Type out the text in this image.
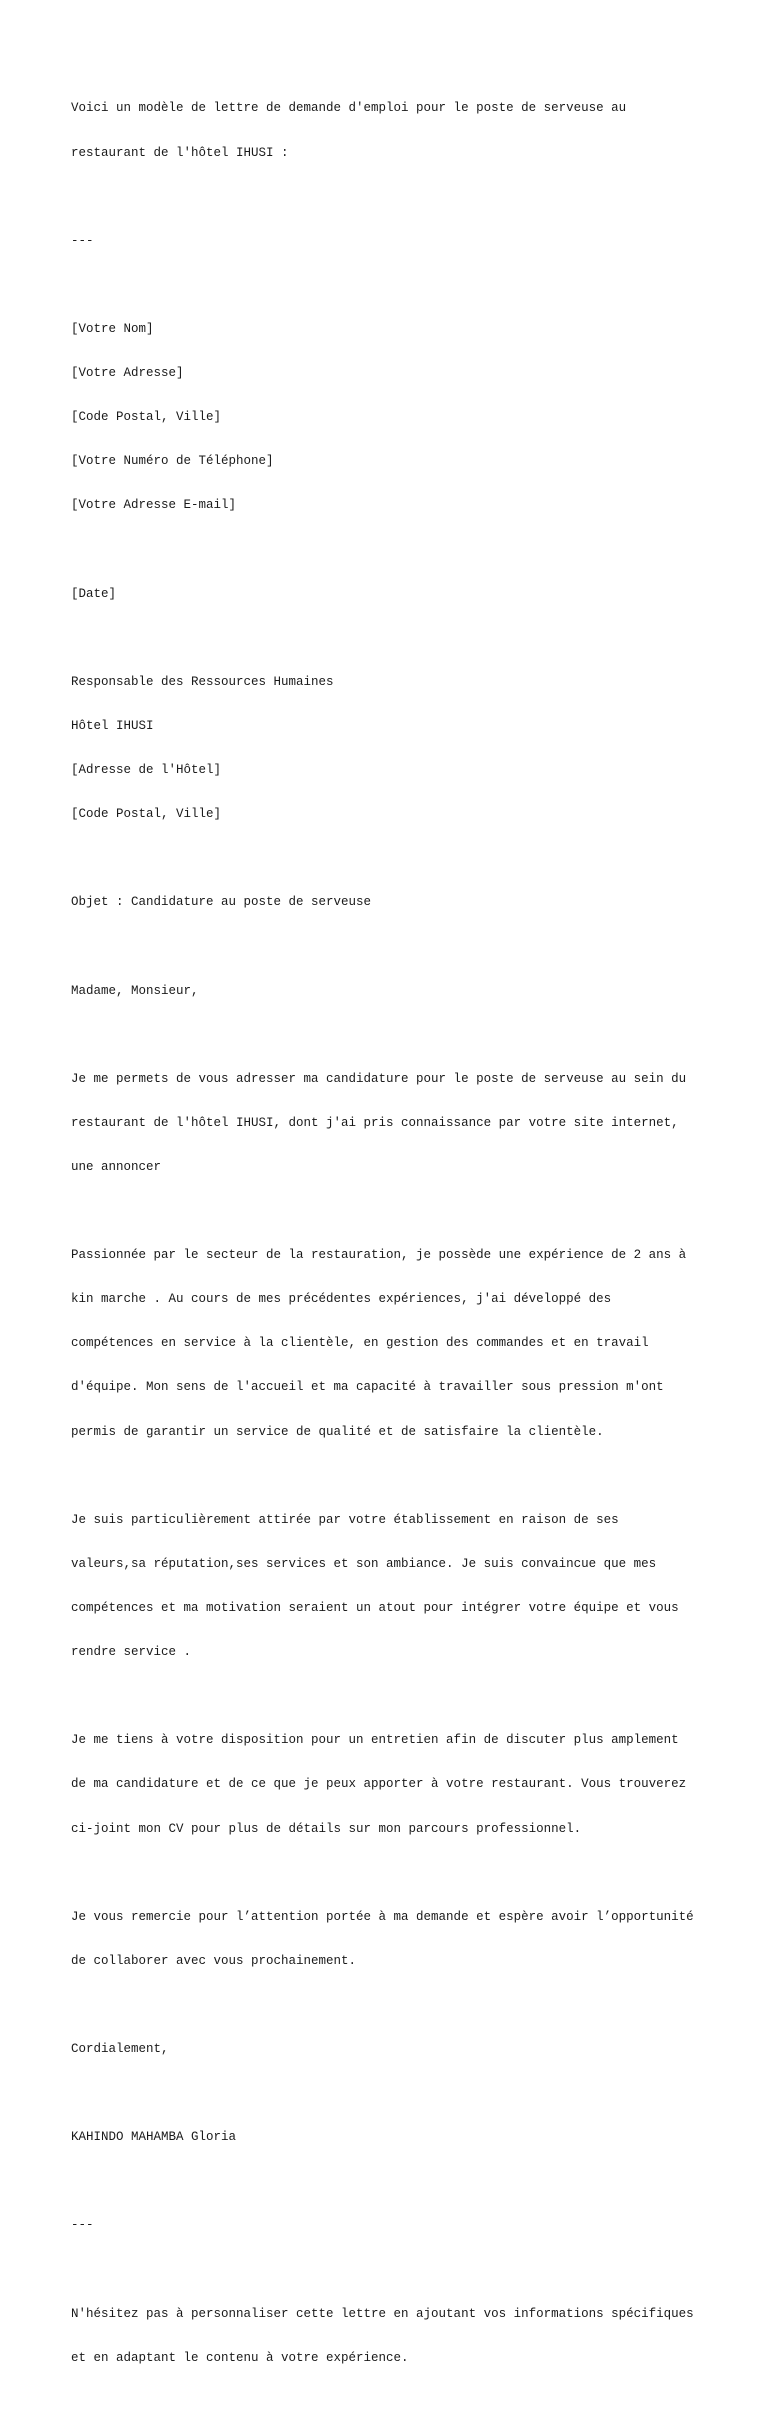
Voici un modèle de lettre de demande d'emploi pour le poste de serveuse au

restaurant de l'hôtel IHUSI :

---

[Votre Nom]

[Votre Adresse]

[Code Postal, Ville]

[Votre Numéro de Téléphone]

[Votre Adresse E-mail]

[Date]

Responsable des Ressources Humaines

Hôtel IHUSI

[Adresse de l'Hôtel]

[Code Postal, Ville]

Objet : Candidature au poste de serveuse

Madame, Monsieur,

Je me permets de vous adresser ma candidature pour le poste de serveuse au sein du

restaurant de l'hôtel IHUSI, dont j'ai pris connaissance par votre site internet,

une annoncer

Passionnée par le secteur de la restauration, je possède une expérience de 2 ans à

kin marche . Au cours de mes précédentes expériences, j'ai développé des

compétences en service à la clientèle, en gestion des commandes et en travail

d'équipe. Mon sens de l'accueil et ma capacité à travailler sous pression m'ont

permis de garantir un service de qualité et de satisfaire la clientèle.

Je suis particulièrement attirée par votre établissement en raison de ses

valeurs,sa réputation,ses services et son ambiance. Je suis convaincue que mes

compétences et ma motivation seraient un atout pour intégrer votre équipe et vous

rendre service .

Je me tiens à votre disposition pour un entretien afin de discuter plus amplement

de ma candidature et de ce que je peux apporter à votre restaurant. Vous trouverez

ci-joint mon CV pour plus de détails sur mon parcours professionnel.

Je vous remercie pour l’attention portée à ma demande et espère avoir l’opportunité

de collaborer avec vous prochainement.

Cordialement,

KAHINDO MAHAMBA Gloria

---

N'hésitez pas à personnaliser cette lettre en ajoutant vos informations spécifiques

et en adaptant le contenu à votre expérience.
